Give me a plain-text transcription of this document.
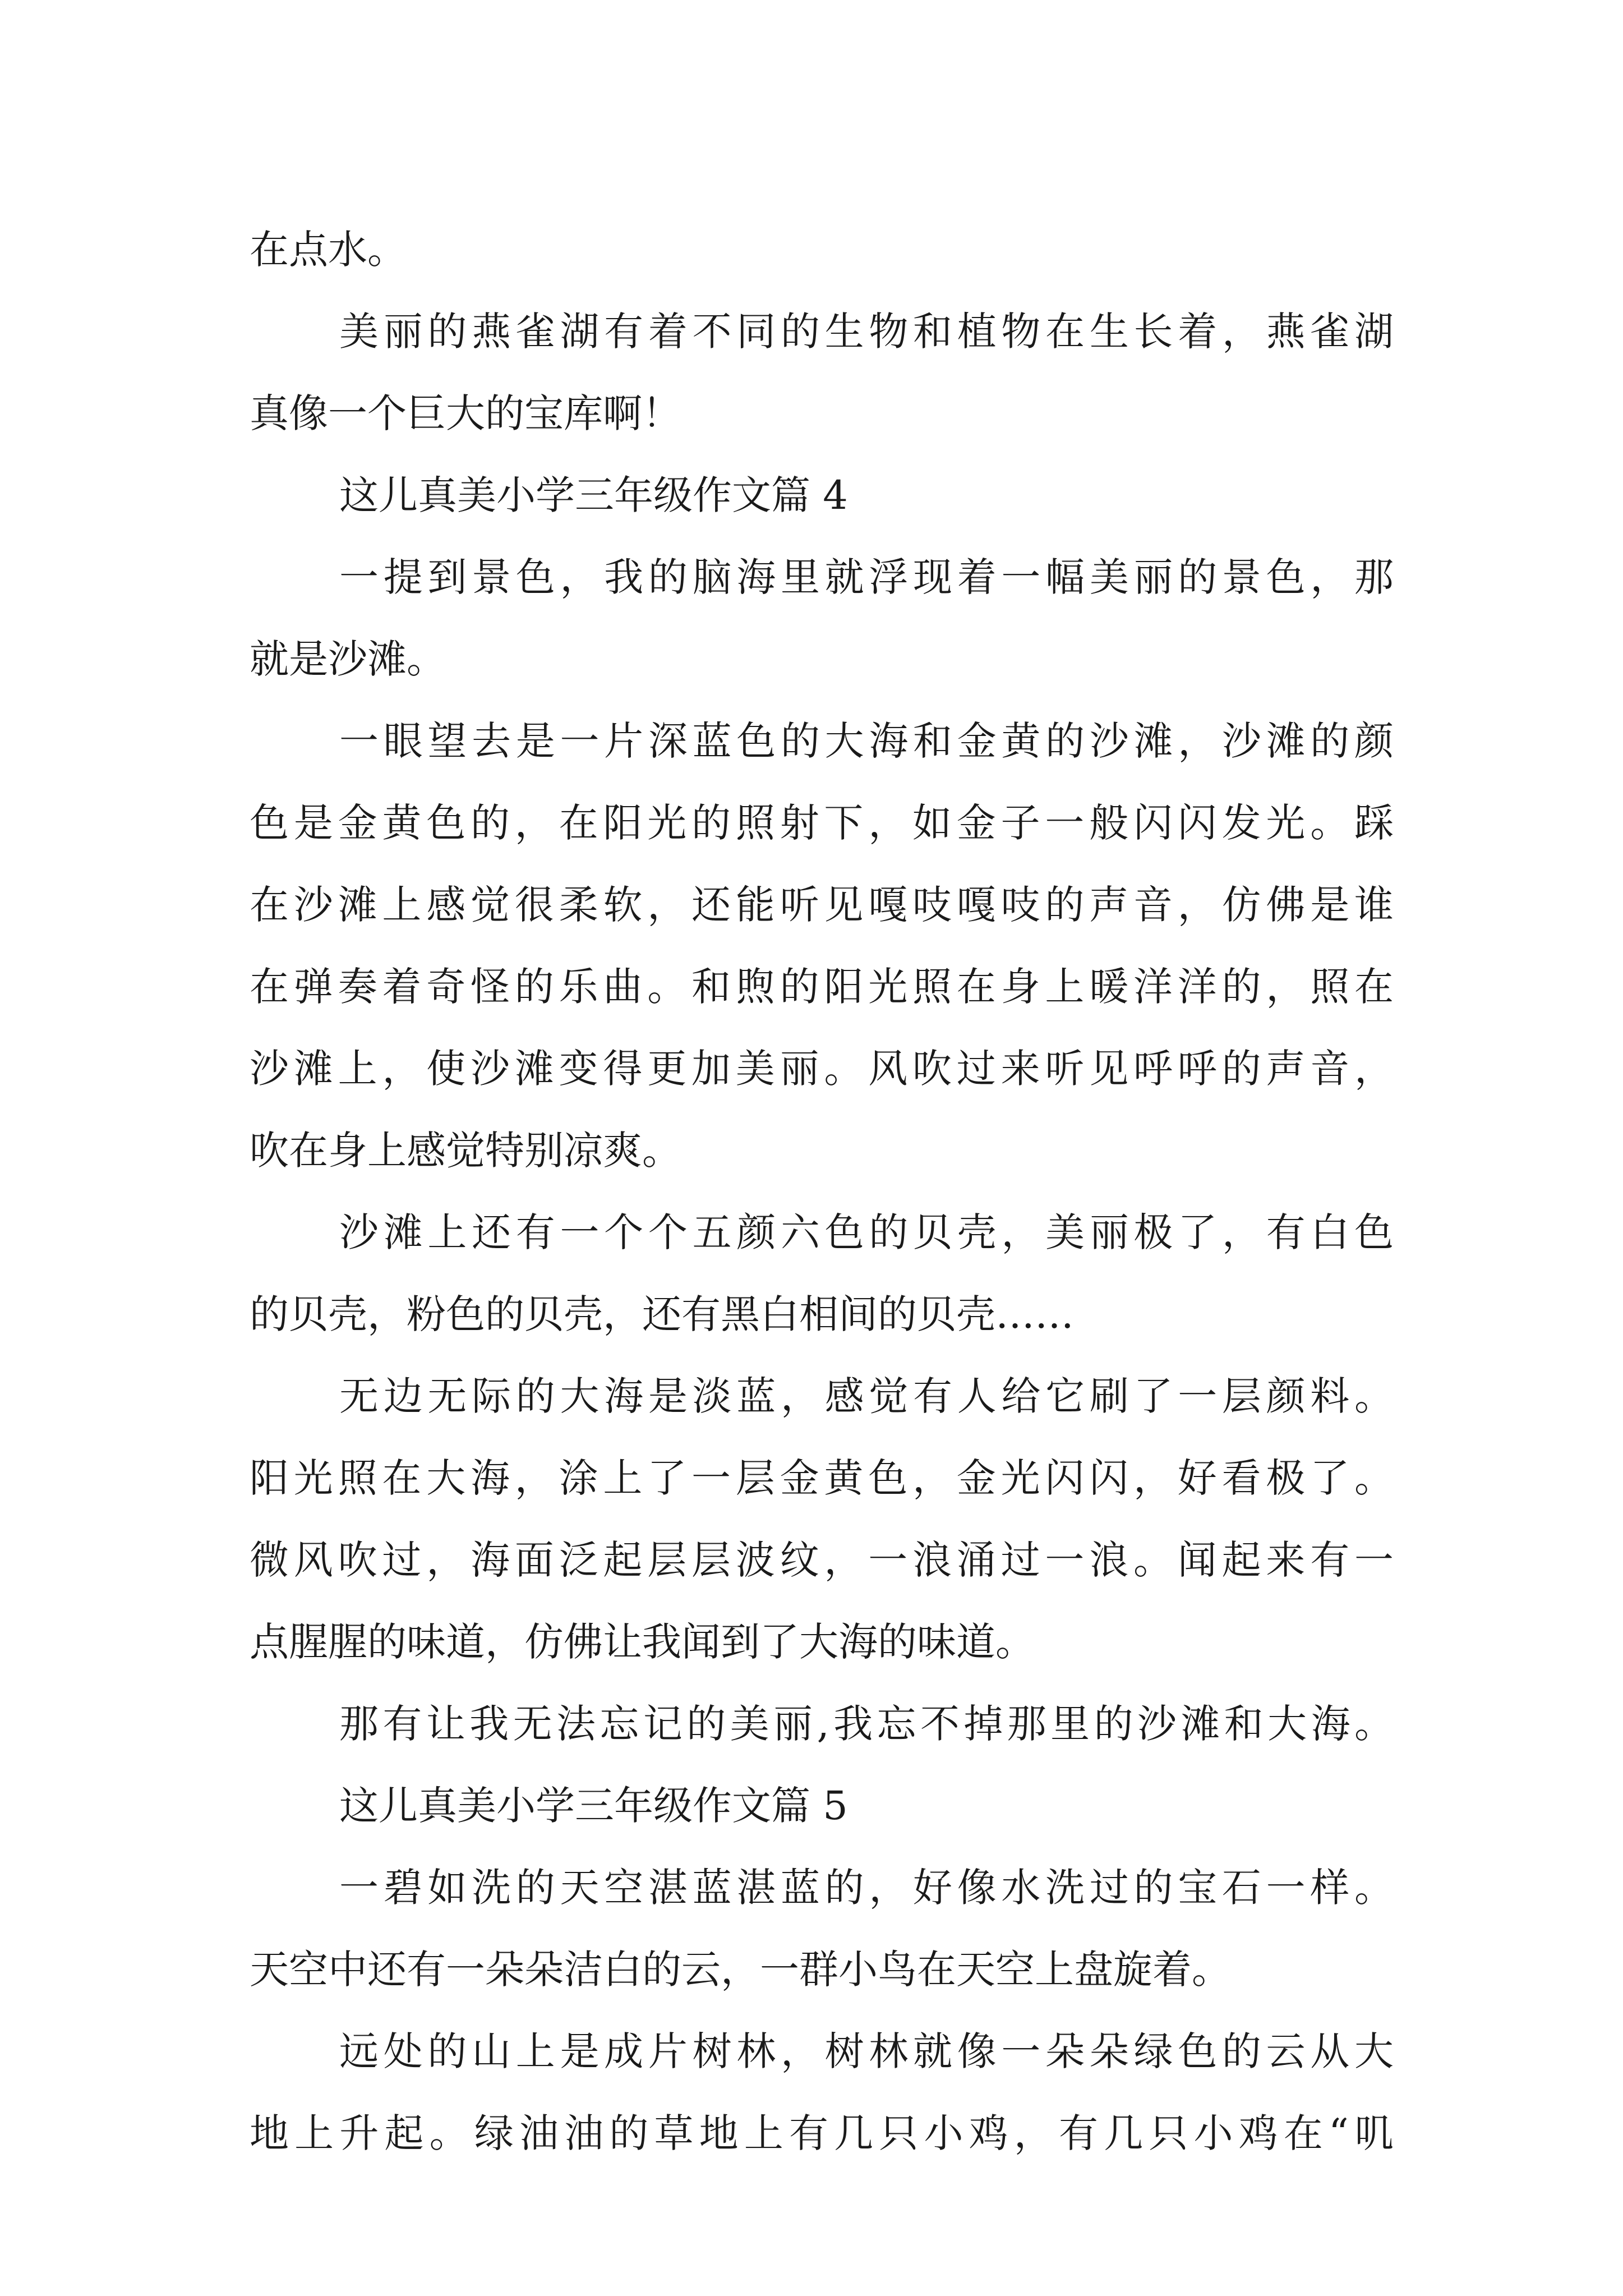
在点水。
美丽的燕雀湖有着不同的生物和植物在生长着，燕雀湖
真像一个巨大的宝库啊！
这儿真美小学三年级作文篇 4
一提到景色，我的脑海里就浮现着一幅美丽的景色，那
就是沙滩。
一眼望去是一片深蓝色的大海和金黄的沙滩，沙滩的颜
色是金黄色的，在阳光的照射下，如金子一般闪闪发光。踩
在沙滩上感觉很柔软，还能听见嘎吱嘎吱的声音，仿佛是谁
在弹奏着奇怪的乐曲。和煦的阳光照在身上暖洋洋的，照在
沙滩上，使沙滩变得更加美丽。风吹过来听见呼呼的声音，
吹在身上感觉特别凉爽。
沙滩上还有一个个五颜六色的贝壳，美丽极了，有白色
的贝壳，粉色的贝壳，还有黑白相间的贝壳……
无边无际的大海是淡蓝，感觉有人给它刷了一层颜料。
阳光照在大海，涂上了一层金黄色，金光闪闪，好看极了。
微风吹过，海面泛起层层波纹，一浪涌过一浪。闻起来有一
点腥腥的味道，仿佛让我闻到了大海的味道。
那有让我无法忘记的美丽,我忘不掉那里的沙滩和大海。
这儿真美小学三年级作文篇 5
一碧如洗的天空湛蓝湛蓝的，好像水洗过的宝石一样。
天空中还有一朵朵洁白的云，一群小鸟在天空上盘旋着。
远处的山上是成片树林，树林就像一朵朵绿色的云从大
地上升起。绿油油的草地上有几只小鸡，有几只小鸡在“叽
